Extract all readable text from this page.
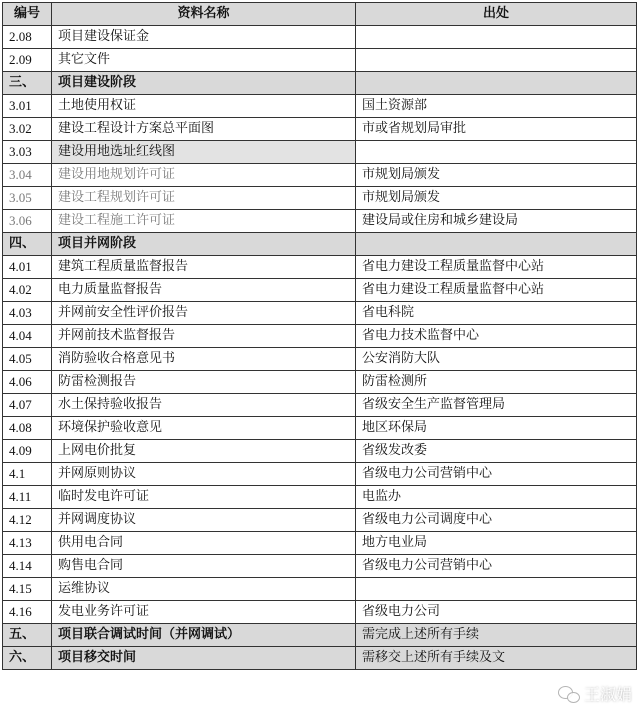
编号	资料名称	出处
2.08	项目建设保证金	
2.09	其它文件	
三、	项目建设阶段	
3.01	土地使用权证	国土资源部
3.02	建设工程设计方案总平面图	市或省规划局审批
3.03	建设用地选址红线图	
3.04	建设用地规划许可证	市规划局颁发
3.05	建设工程规划许可证	市规划局颁发
3.06	建设工程施工许可证	建设局或住房和城乡建设局
四、	项目并网阶段	
4.01	建筑工程质量监督报告	省电力建设工程质量监督中心站
4.02	电力质量监督报告	省电力建设工程质量监督中心站
4.03	并网前安全性评价报告	省电科院
4.04	并网前技术监督报告	省电力技术监督中心
4.05	消防验收合格意见书	公安消防大队
4.06	防雷检测报告	防雷检测所
4.07	水土保持验收报告	省级安全生产监督管理局
4.08	环境保护验收意见	地区环保局
4.09	上网电价批复	省级发改委
4.1	并网原则协议	省级电力公司营销中心
4.11	临时发电许可证	电监办
4.12	并网调度协议	省级电力公司调度中心
4.13	供用电合同	地方电业局
4.14	购售电合同	省级电力公司营销中心
4.15	运维协议	
4.16	发电业务许可证	省级电力公司
五、	项目联合调试时间（并网调试）	需完成上述所有手续
六、	项目移交时间	需移交上述所有手续及文
王淑娟
